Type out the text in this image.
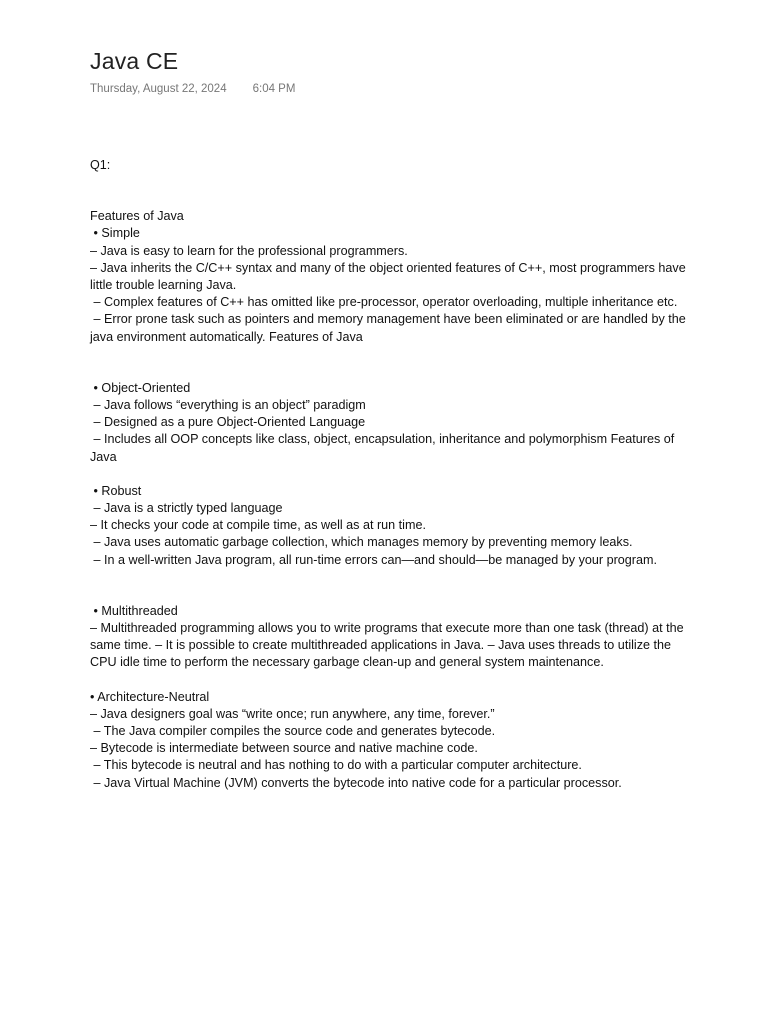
Java CE
Thursday, August 22, 2024 6:04 PM

Q1:

Features of Java

• Simple

– Java is easy to learn for the professional programmers.

– Java inherits the C/C++ syntax and many of the object oriented features of C++, most programmers have little trouble learning Java.

– Complex features of C++ has omitted like pre-processor, operator overloading, multiple inheritance etc.

– Error prone task such as pointers and memory management have been eliminated or are handled by the java environment automatically. Features of Java

• Object-Oriented

– Java follows “everything is an object” paradigm

– Designed as a pure Object-Oriented Language

– Includes all OOP concepts like class, object, encapsulation, inheritance and polymorphism Features of Java

• Robust

– Java is a strictly typed language

– It checks your code at compile time, as well as at run time.

– Java uses automatic garbage collection, which manages memory by preventing memory leaks.

– In a well-written Java program, all run-time errors can—and should—be managed by your program.

• Multithreaded

– Multithreaded programming allows you to write programs that execute more than one task (thread) at the same time. – It is possible to create multithreaded applications in Java. – Java uses threads to utilize the CPU idle time to perform the necessary garbage clean-up and general system maintenance.

• Architecture-Neutral

– Java designers goal was “write once; run anywhere, any time, forever.”

– The Java compiler compiles the source code and generates bytecode.

– Bytecode is intermediate between source and native machine code.

– This bytecode is neutral and has nothing to do with a particular computer architecture.

– Java Virtual Machine (JVM) converts the bytecode into native code for a particular processor.
